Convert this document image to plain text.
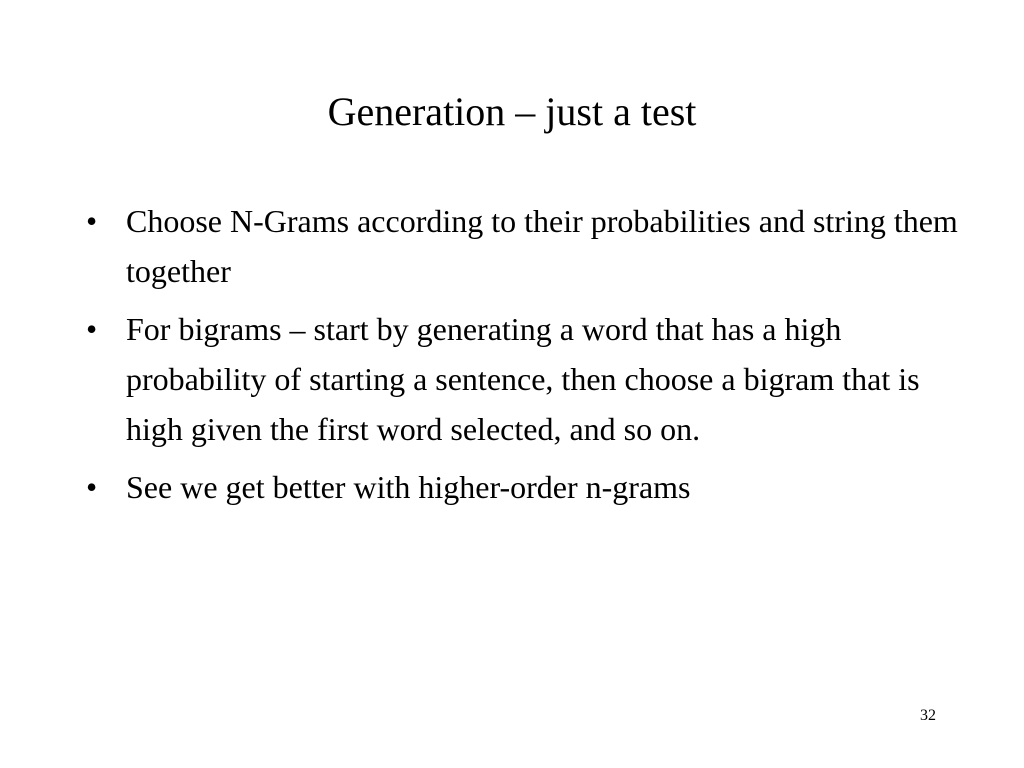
Generation – just a test
• Choose N-Grams according to their probabilities and string them together
• For bigrams – start by generating a word that has a high probability of starting a sentence, then choose a bigram that is high given the first word selected, and so on.
• See we get better with higher-order n-grams
32
